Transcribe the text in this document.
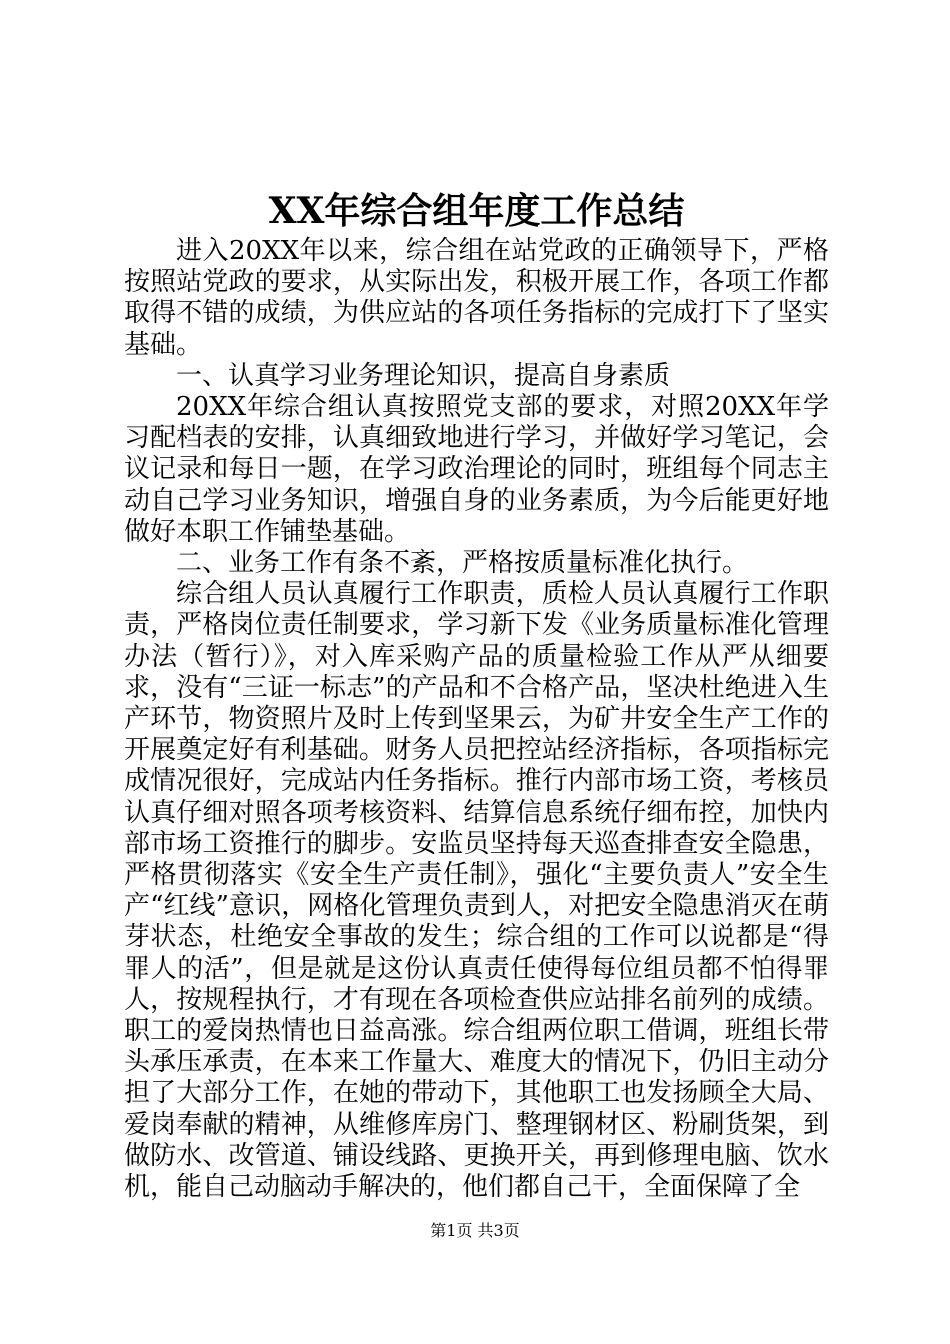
XX年综合组年度工作总结

进入20XX年以来，综合组在站党政的正确领导下，严格按照站党政的要求，从实际出发，积极开展工作，各项工作都取得不错的成绩，为供应站的各项任务指标的完成打下了坚实基础。

一、认真学习业务理论知识，提高自身素质

20XX年综合组认真按照党支部的要求，对照20XX年学习配档表的安排，认真细致地进行学习，并做好学习笔记，会议记录和每日一题，在学习政治理论的同时，班组每个同志主动自己学习业务知识，增强自身的业务素质，为今后能更好地做好本职工作铺垫基础。

二、业务工作有条不紊，严格按质量标准化执行。

综合组人员认真履行工作职责，质检人员认真履行工作职责，严格岗位责任制要求，学习新下发《业务质量标准化管理办法（暂行）》，对入库采购产品的质量检验工作从严从细要求，没有“三证一标志”的产品和不合格产品，坚决杜绝进入生产环节，物资照片及时上传到坚果云，为矿井安全生产工作的开展奠定好有利基础。财务人员把控站经济指标，各项指标完成情况很好，完成站内任务指标。推行内部市场工资，考核员认真仔细对照各项考核资料、结算信息系统仔细布控，加快内部市场工资推行的脚步。安监员坚持每天巡查排查安全隐患，严格贯彻落实《安全生产责任制》，强化“主要负责人”安全生产“红线”意识，网格化管理负责到人，对把安全隐患消灭在萌芽状态，杜绝安全事故的发生；综合组的工作可以说都是“得罪人的活”，但是就是这份认真责任使得每位组员都不怕得罪人，按规程执行，才有现在各项检查供应站排名前列的成绩。职工的爱岗热情也日益高涨。综合组两位职工借调，班组长带头承压承责，在本来工作量大、难度大的情况下，仍旧主动分担了大部分工作，在她的带动下，其他职工也发扬顾全大局、爱岗奉献的精神，从维修库房门、整理钢材区、粉刷货架，到做防水、改管道、铺设线路、更换开关，再到修理电脑、饮水机，能自己动脑动手解决的，他们都自己干，全面保障了全

第1页 共3页
